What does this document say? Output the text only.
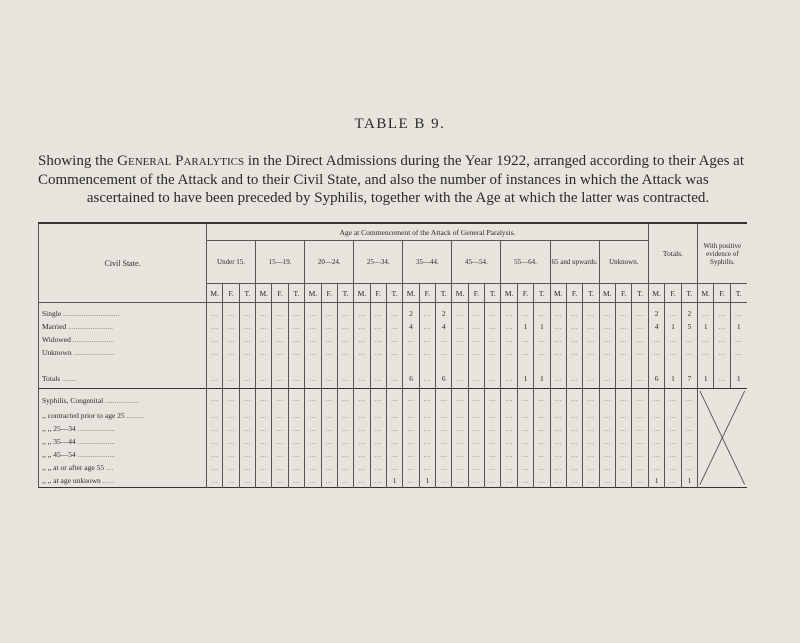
TABLE B 9.
Showing the General Paralytics in the Direct Admissions during the Year 1922, arranged according to their Ages at
Commencement of the Attack and to their Civil State, and also the number of instances in which the Attack was
ascertained to have been preceded by Syphilis, together with the Age at which the latter was contracted.
Civil State.	Age at Commencement of the Attack of General Paralysis.																											Totals.			With positive evidence of Syphilis.		
	Under 15.			15—19.			20—24.			25—34.			35—44.			45—54.			55—64.			65 and upwards.			Unknown.								
	M.	F.	T.	M.	F.	T.	M.	F.	T.	M.	F.	T.	M.	F.	T.	M.	F.	T.	M.	F.	T.	M.	F.	T.	M.	F.	T.	M.	F.	T.	M.	F.	T.
Single ..............................	...	...	...	...	...	...	...	...	...	...	...	...	2	...	2	...	...	...	...	...	...	...	...	...	...	...	...	2	...	2	...	...	...
Married ........................	...	...	...	...	...	...	...	...	...	...	...	...	4	...	4	...	...	...	...	1	1	...	...	...	...	...	...	4	1	5	1	...	1
Widowed ......................	...	...	...	...	...	...	...	...	...	...	...	...	...	...	...	...	...	...	...	...	...	...	...	...	...	...	...	...	...	...	...	...	...
Unknown ......................	...	...	...	...	...	...	...	...	...	...	...	...	...	...	...	...	...	...	...	...	...	...	...	...	...	...	...	...	...	...	...	...	...

Totals ........	...	...	...	...	...	...	...	...	...	...	...	...	6	...	6	...	...	...	...	1	1	...	...	...	...	...	...	6	1	7	1	...	1
Syphilis, Congenital ..................	...	...	...	...	...	...	...	...	...	...	...	...	...	...	...	...	...	...	...	...	...	...	...	...	...	...	...	...	...	...	

,, contracted prior to age 25 .........	...	...	...	...	...	...	...	...	...	...	...	...	...	...	...	...	...	...	...	...	...	...	...	...	...	...	...	...	...	...
,, ,, 25—34 ....................	...	...	...	...	...	...	...	...	...	...	...	...	...	...	...	...	...	...	...	...	...	...	...	...	...	...	...	...	...	...
,, ,, 35—44 ....................	...	...	...	...	...	...	...	...	...	...	...	...	...	...	...	...	...	...	...	...	...	...	...	...	...	...	...	...	...	...
,, ,, 45—54 ....................	...	...	...	...	...	...	...	...	...	...	...	...	...	...	...	...	...	...	...	...	...	...	...	...	...	...	...	...	...	...
,, ,, at or after age 55 ....	...	...	...	...	...	...	...	...	...	...	...	...	...	...	...	...	...	...	...	...	...	...	...	...	...	...	...	...	...	...
,, ,, at age unknown ......	...	...	...	...	...	...	...	...	...	...	...	1	...	1	...	...	...	...	...	...	...	...	...	...	...	...	...	1	...	1			
